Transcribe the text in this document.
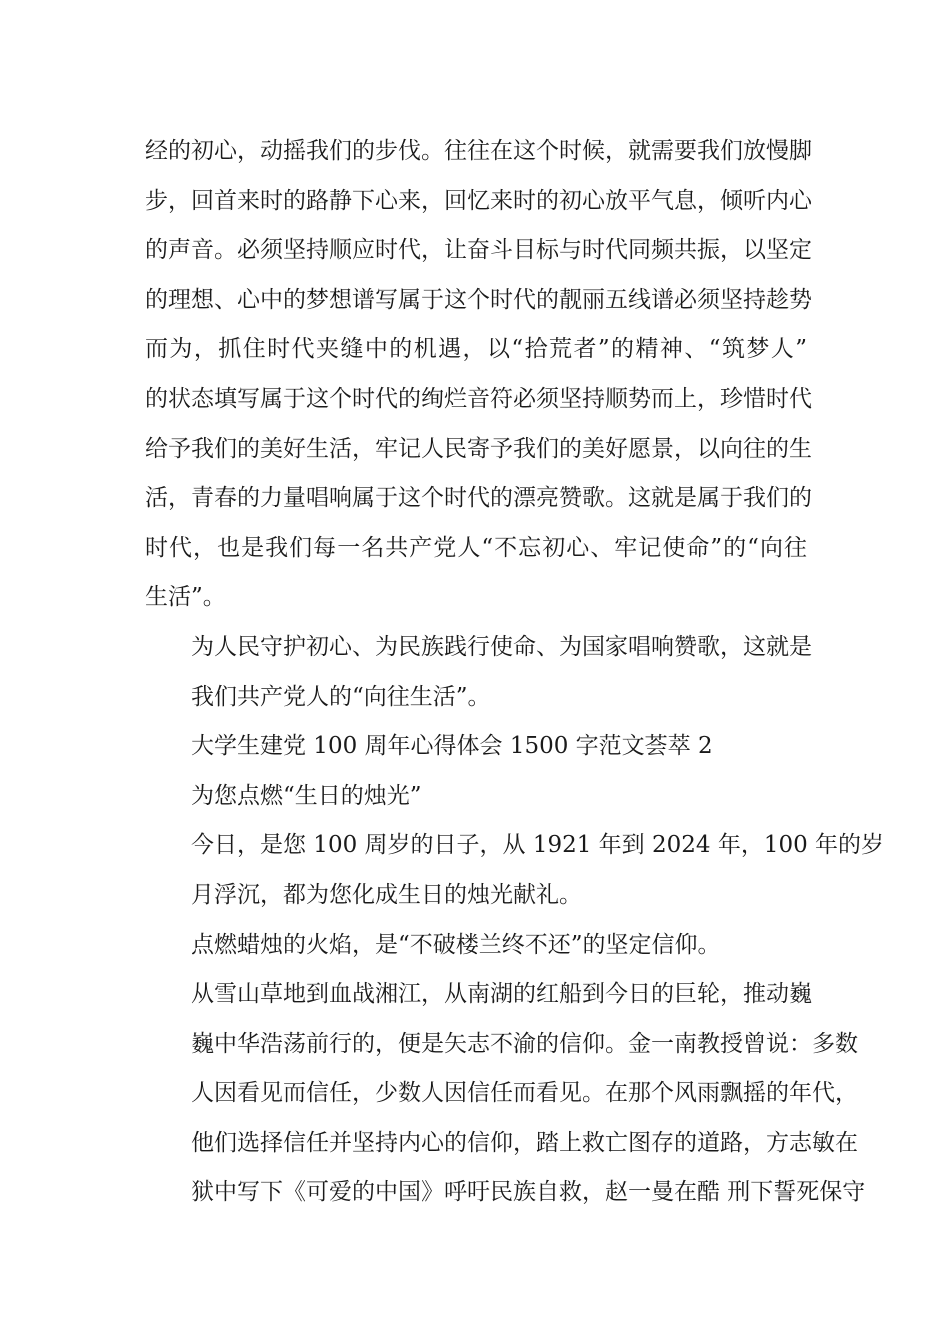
经的初心，动摇我们的步伐。往往在这个时候，就需要我们放慢脚
步，回首来时的路静下心来，回忆来时的初心放平气息，倾听内心
的声音。必须坚持顺应时代，让奋斗目标与时代同频共振，以坚定
的理想、心中的梦想谱写属于这个时代的靓丽五线谱必须坚持趁势
而为，抓住时代夹缝中的机遇，以“拾荒者”的精神、“筑梦人”
的状态填写属于这个时代的绚烂音符必须坚持顺势而上，珍惜时代
给予我们的美好生活，牢记人民寄予我们的美好愿景，以向往的生
活，青春的力量唱响属于这个时代的漂亮赞歌。这就是属于我们的
时代，也是我们每一名共产党人“不忘初心、牢记使命”的“向往
生活”。

为人民守护初心、为民族践行使命、为国家唱响赞歌，这就是
我们共产党人的“向往生活”。

大学生建党 100 周年心得体会 1500 字范文荟萃 2

为您点燃“生日的烛光”

今日，是您 100 周岁的日子，从 1921 年到 2024 年，100 年的岁
月浮沉，都为您化成生日的烛光献礼。

点燃蜡烛的火焰，是“不破楼兰终不还”的坚定信仰。

从雪山草地到血战湘江，从南湖的红船到今日的巨轮，推动巍
巍中华浩荡前行的，便是矢志不渝的信仰。金一南教授曾说：多数
人因看见而信任，少数人因信任而看见。在那个风雨飘摇的年代，
他们选择信任并坚持内心的信仰，踏上救亡图存的道路，方志敏在
狱中写下《可爱的中国》呼吁民族自救，赵一曼在酷 刑下誓死保守
